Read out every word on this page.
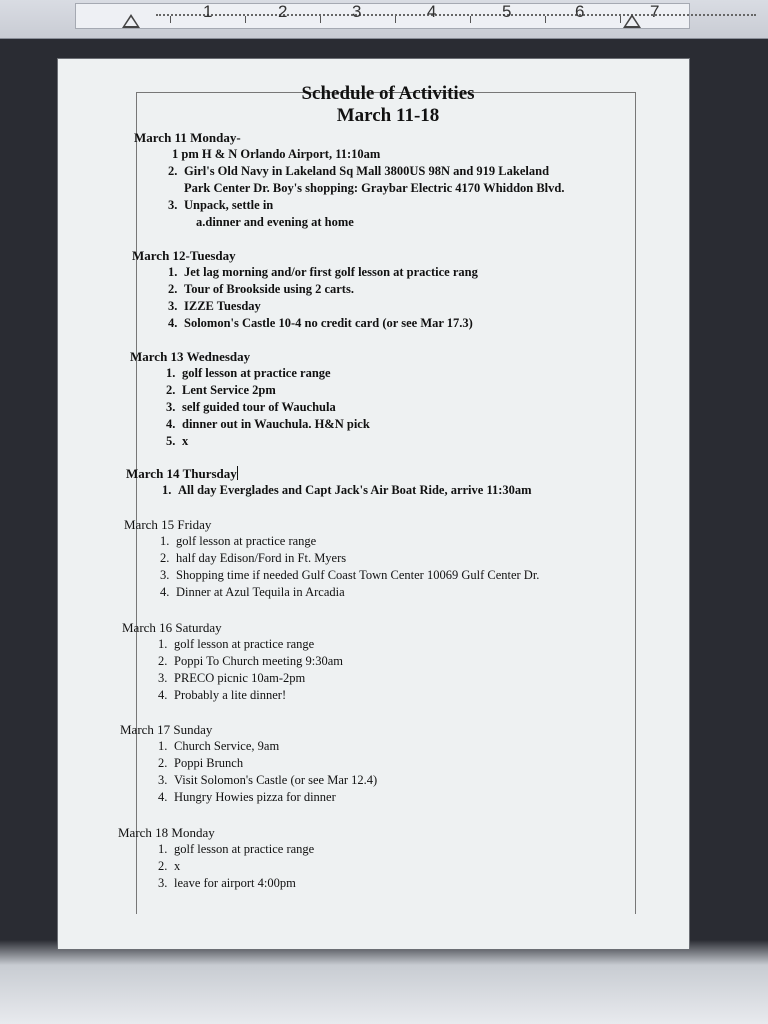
1	2	3	4	5	6	7
Schedule of Activities
March 11-18
March 11 Monday-
1 pm H & N Orlando Airport, 11:10am
2. Girl's Old Navy in Lakeland Sq Mall 3800US 98N and 919 Lakeland
Park Center Dr. Boy's shopping: Graybar Electric 4170 Whiddon Blvd.
3. Unpack, settle in
a.dinner and evening at home
March 12-Tuesday
1. Jet lag morning and/or first golf lesson at practice rang
2. Tour of Brookside using 2 carts.
3. IZZE Tuesday
4. Solomon's Castle 10-4 no credit card (or see Mar 17.3)
March 13 Wednesday
1. golf lesson at practice range
2. Lent Service 2pm
3. self guided tour of Wauchula
4. dinner out in Wauchula. H&N pick
5. x
March 14 Thursday
1. All day Everglades and Capt Jack's Air Boat Ride, arrive 11:30am
March 15 Friday
1. golf lesson at practice range
2. half day Edison/Ford in Ft. Myers
3. Shopping time if needed Gulf Coast Town Center 10069 Gulf Center Dr.
4. Dinner at Azul Tequila in Arcadia
March 16 Saturday
1. golf lesson at practice range
2. Poppi To Church meeting 9:30am
3. PRECO picnic 10am-2pm
4. Probably a lite dinner!
March 17 Sunday
1. Church Service, 9am
2. Poppi Brunch
3. Visit Solomon's Castle (or see Mar 12.4)
4. Hungry Howies pizza for dinner
March 18 Monday
1. golf lesson at practice range
2. x
3. leave for airport 4:00pm
